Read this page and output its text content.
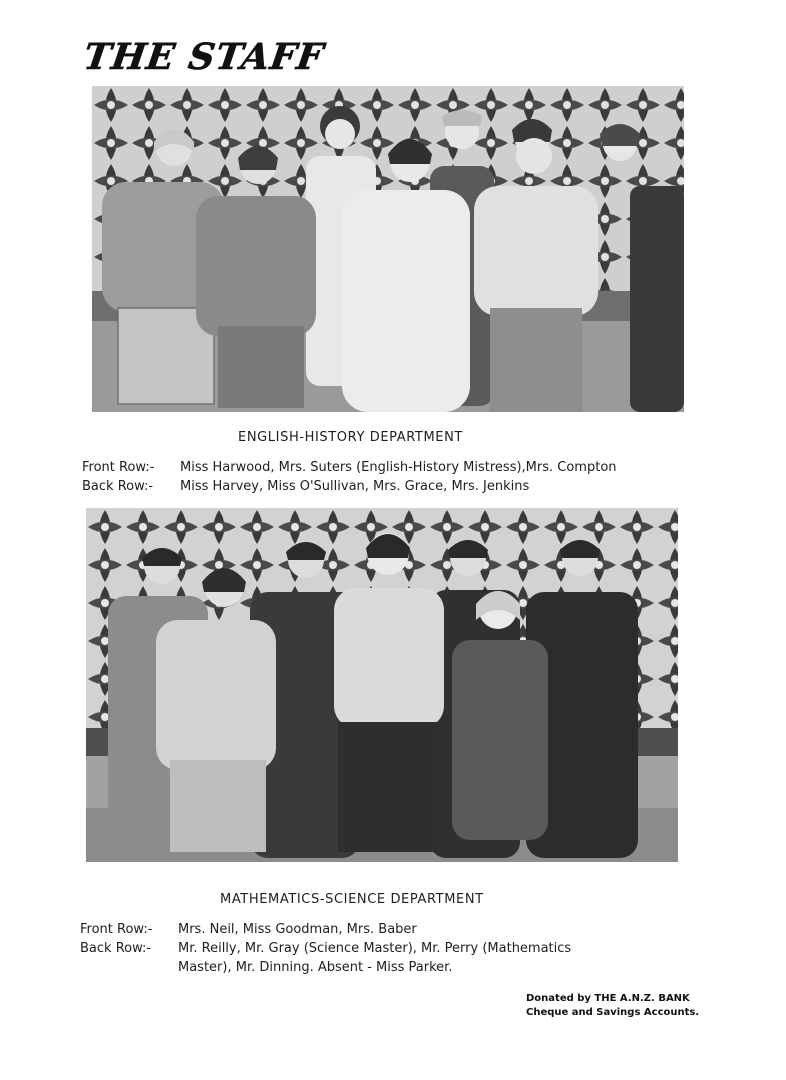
THE STAFF
ENGLISH-HISTORY DEPARTMENT
Front Row:-	Miss Harwood, Mrs. Suters (English-History Mistress),Mrs. Compton
Back Row:-	Miss Harvey, Miss O'Sullivan, Mrs. Grace, Mrs. Jenkins
MATHEMATICS-SCIENCE DEPARTMENT
Front Row:-	Mrs. Neil, Miss Goodman, Mrs. Baber
Back Row:-	Mr. Reilly, Mr. Gray (Science Master), Mr. Perry (Mathematics
Master), Mr. Dinning. Absent - Miss Parker.
Donated by THE A.N.Z. BANK
Cheque and Savings Accounts.
